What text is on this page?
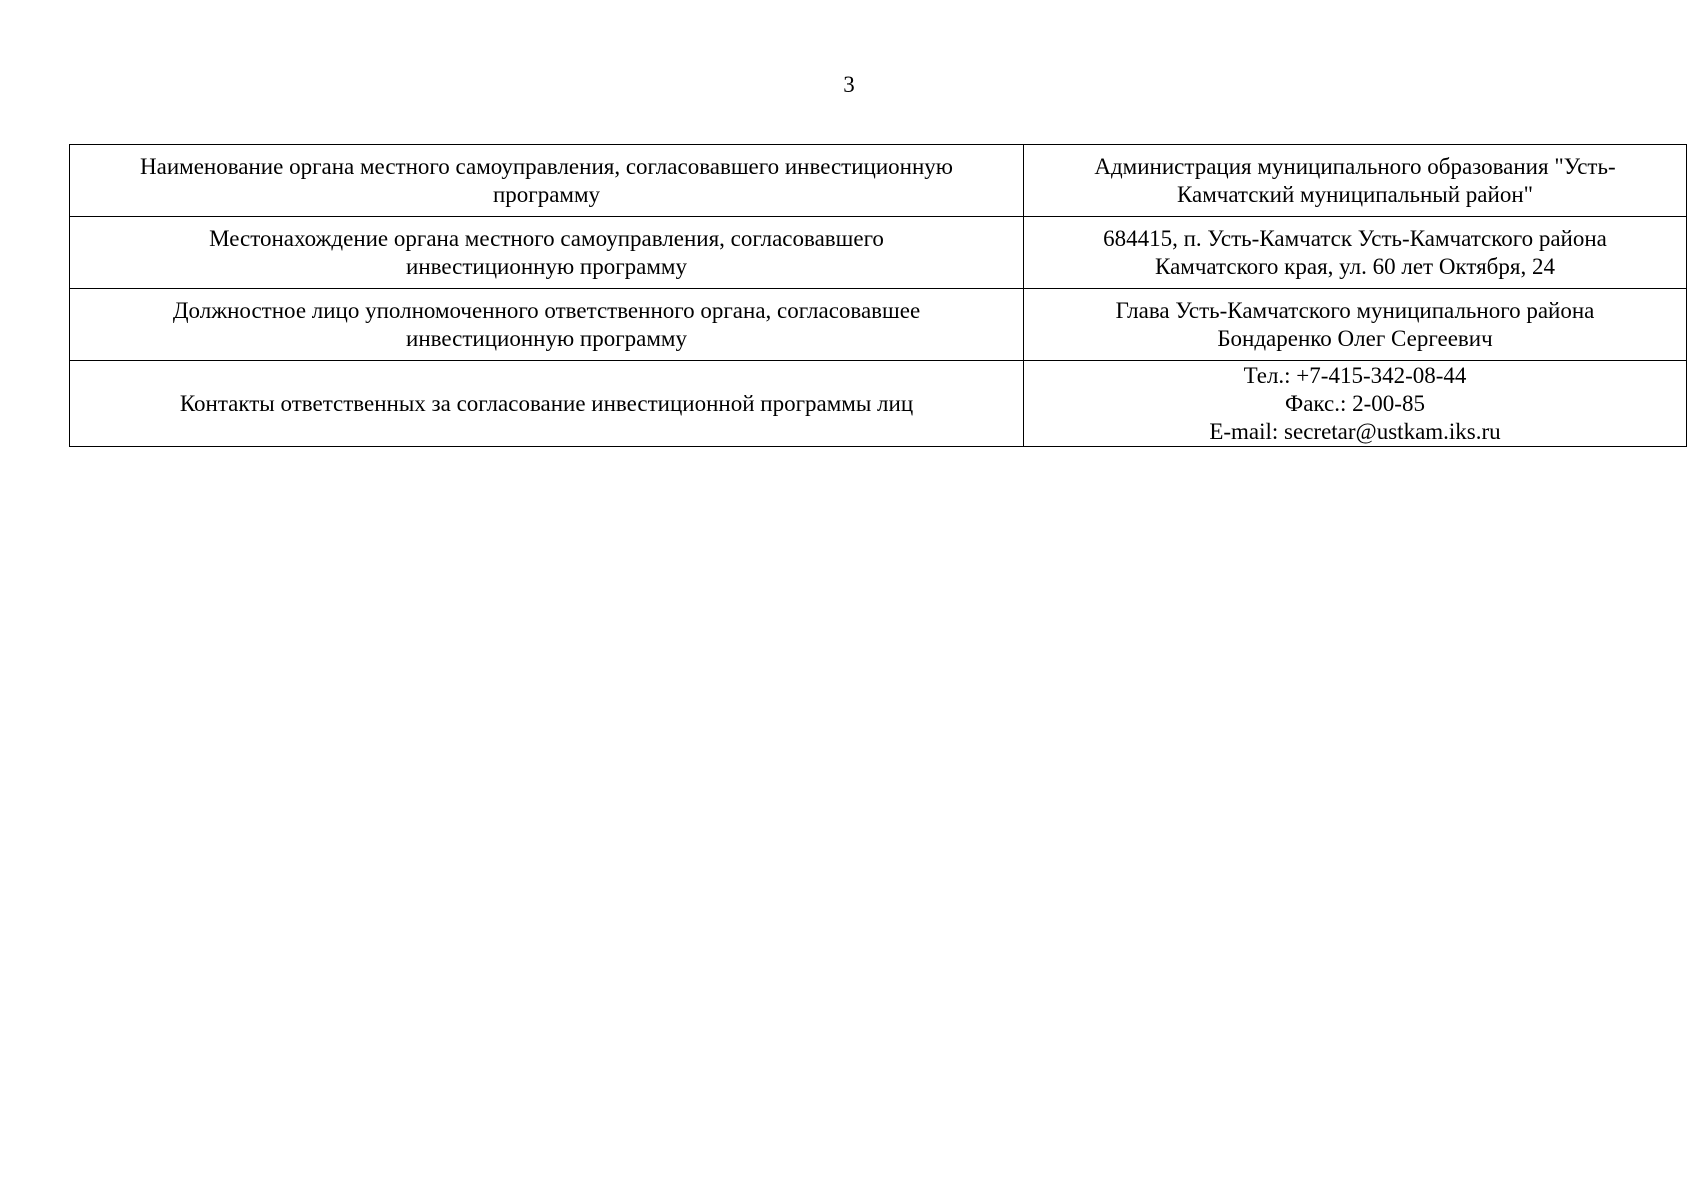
3
Наименование органа местного самоуправления, согласовавшего инвестиционную
программу	Администрация муниципального образования "Усть-
Камчатский муниципальный район"
Местонахождение органа местного самоуправления, согласовавшего
инвестиционную программу	684415, п. Усть-Камчатск Усть-Камчатского района
Камчатского края, ул. 60 лет Октября, 24
Должностное лицо уполномоченного ответственного органа, согласовавшее
инвестиционную программу	Глава Усть-Камчатского муниципального района
Бондаренко Олег Сергеевич
Контакты ответственных за согласование инвестиционной программы лиц	Тел.: +7-415-342-08-44
Факс.: 2-00-85
E-mail: secretar@ustkam.iks.ru
